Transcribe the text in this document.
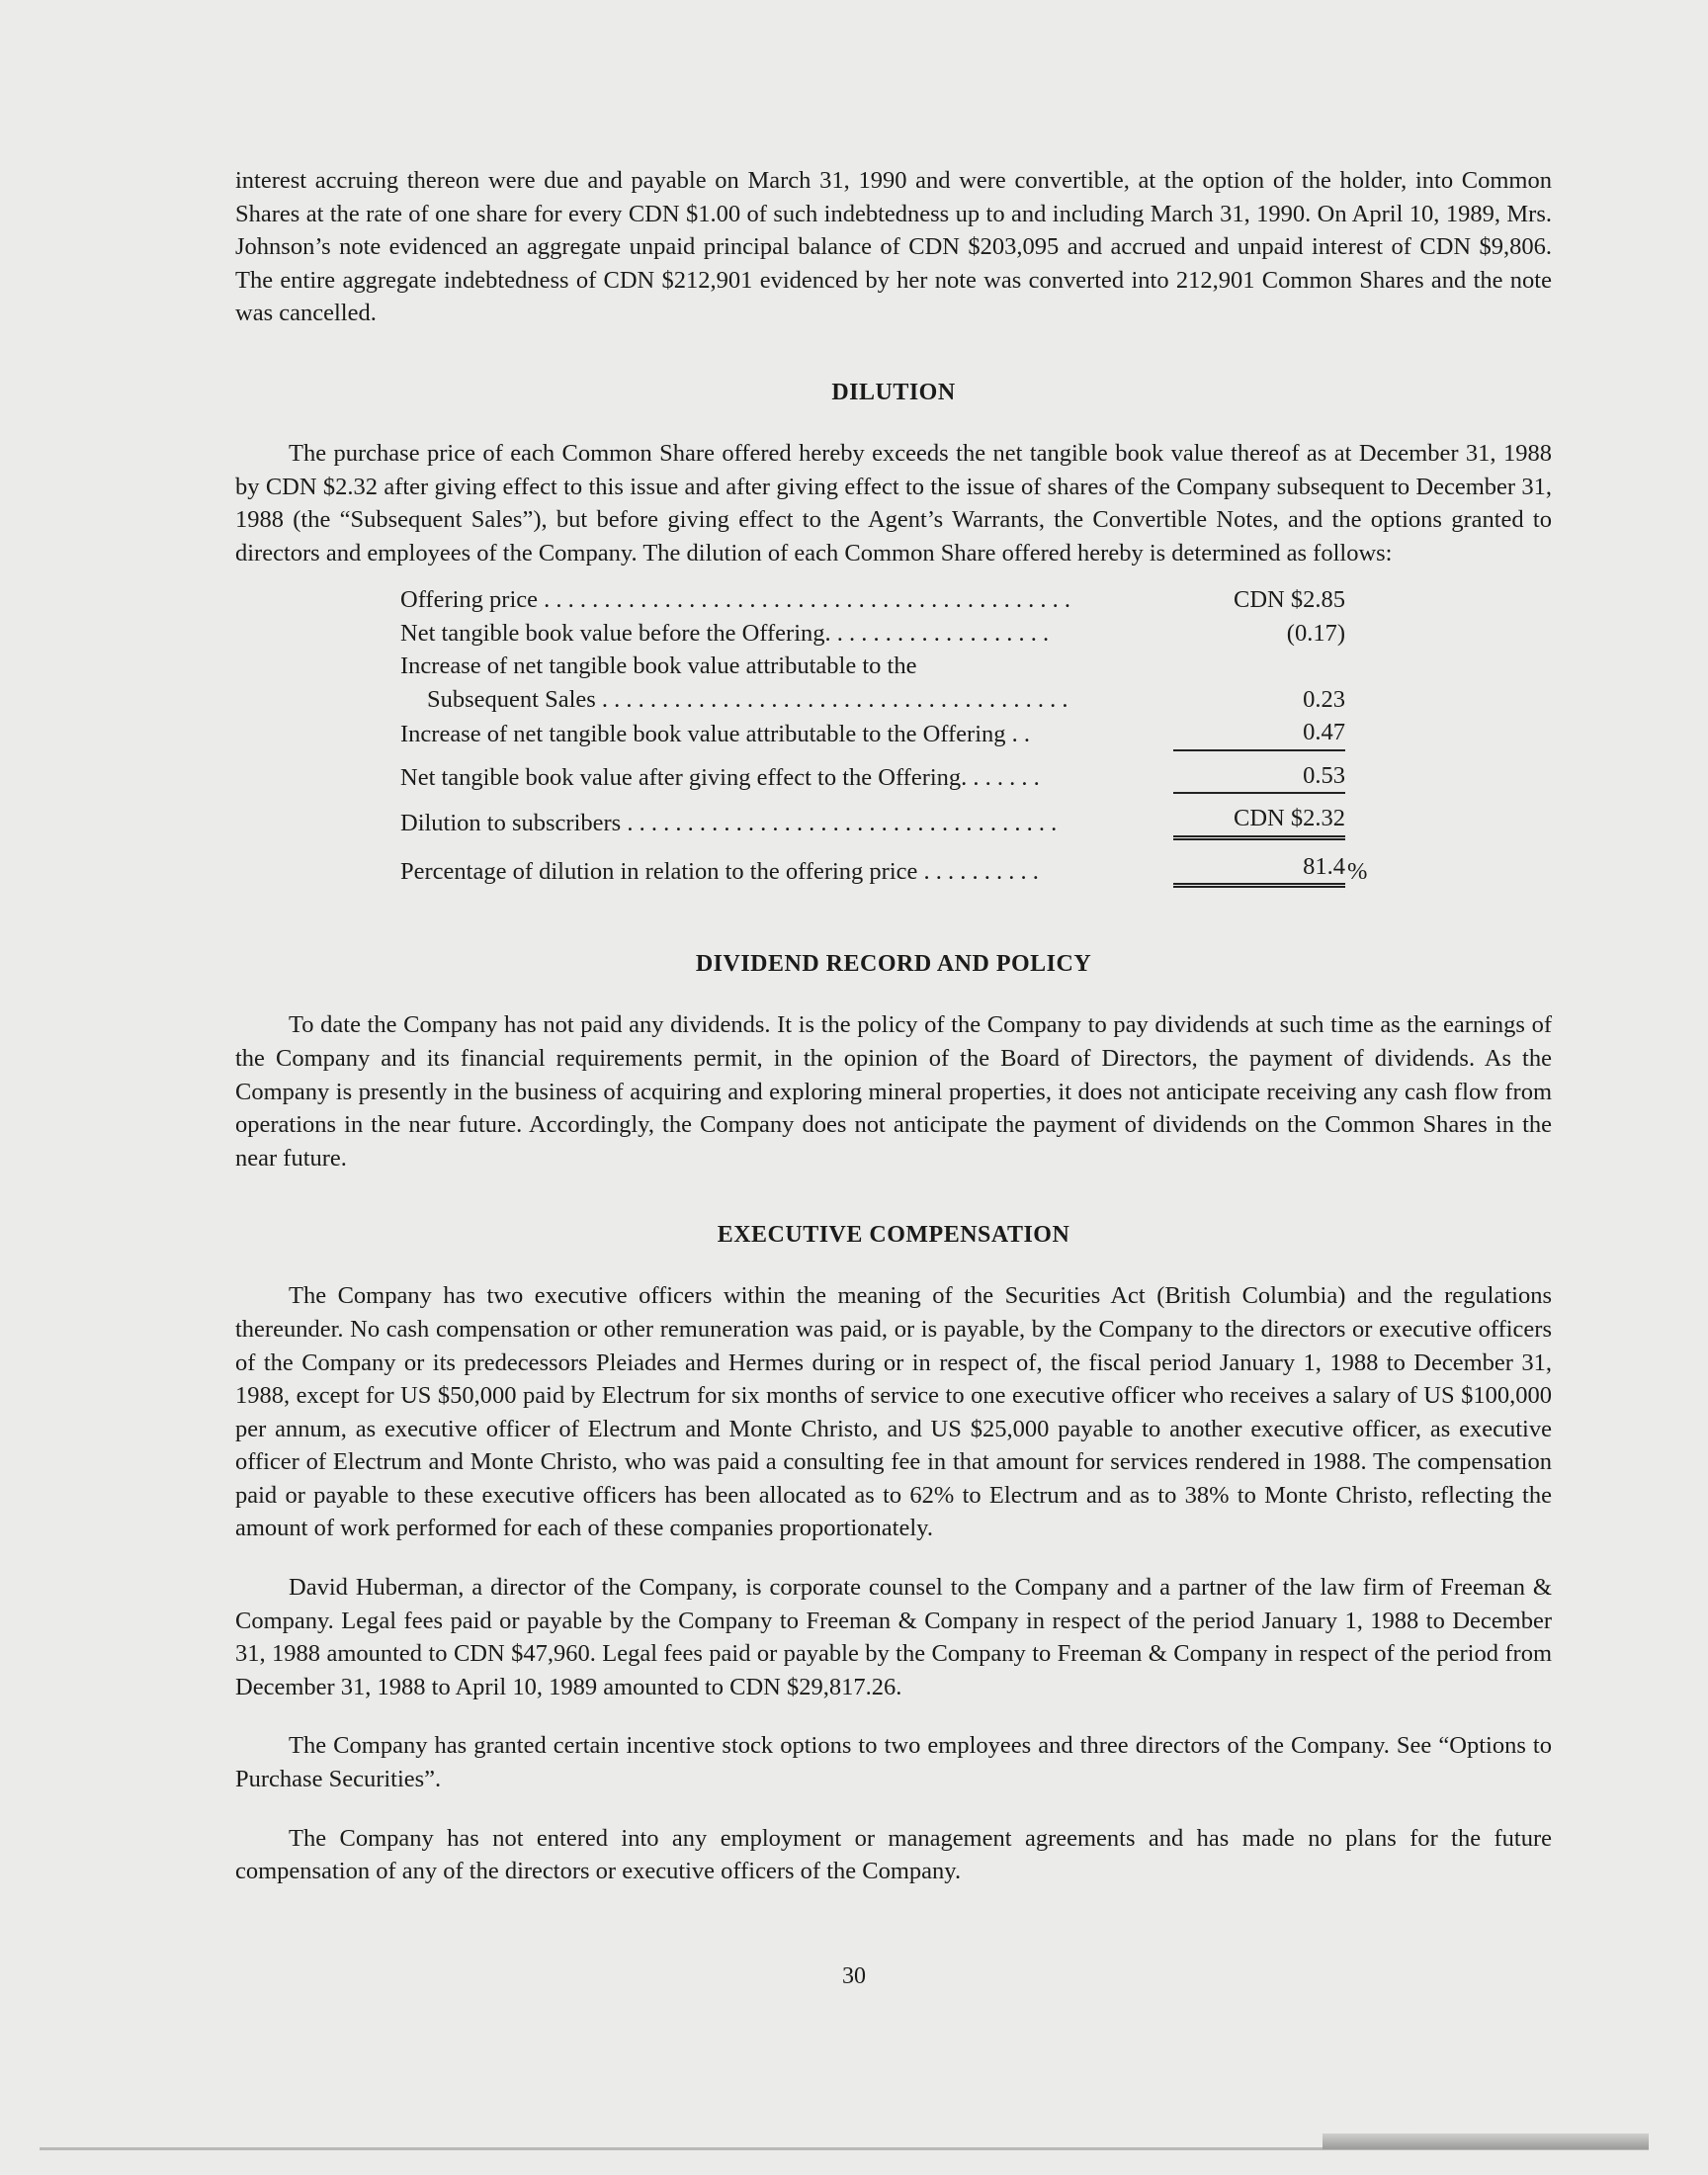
interest accruing thereon were due and payable on March 31, 1990 and were convertible, at the option of the holder, into Common Shares at the rate of one share for every CDN $1.00 of such indebtedness up to and including March 31, 1990. On April 10, 1989, Mrs. Johnson’s note evidenced an aggregate unpaid principal balance of CDN $203,095 and accrued and unpaid interest of CDN $9,806. The entire aggregate indebtedness of CDN $212,901 evidenced by her note was converted into 212,901 Common Shares and the note was cancelled.

DILUTION

The purchase price of each Common Share offered hereby exceeds the net tangible book value thereof as at December 31, 1988 by CDN $2.32 after giving effect to this issue and after giving effect to the issue of shares of the Company subsequent to December 31, 1988 (the “Subsequent Sales”), but before giving effect to the Agent’s Warrants, the Convertible Notes, and the options granted to directors and employees of the Company. The dilution of each Common Share offered hereby is determined as follows:

Offering price . . . . . . . . . . . . . . . . . . . . . . . . . . . . . . . . . . . . . . . . . . . .	CDN $2.85
Net tangible book value before the Offering. . . . . . . . . . . . . . . . . . .	(0.17)
Increase of net tangible book value attributable to the
Subsequent Sales . . . . . . . . . . . . . . . . . . . . . . . . . . . . . . . . . . . . . . .	0.23
Increase of net tangible book value attributable to the Offering . .	0.47
Net tangible book value after giving effect to the Offering. . . . . . .	0.53
Dilution to subscribers . . . . . . . . . . . . . . . . . . . . . . . . . . . . . . . . . . . .	CDN $2.32
Percentage of dilution in relation to the offering price . . . . . . . . . .	81.4 %
DIVIDEND RECORD AND POLICY

To date the Company has not paid any dividends. It is the policy of the Company to pay dividends at such time as the earnings of the Company and its financial requirements permit, in the opinion of the Board of Directors, the payment of dividends. As the Company is presently in the business of acquiring and exploring mineral properties, it does not anticipate receiving any cash flow from operations in the near future. Accordingly, the Company does not anticipate the payment of dividends on the Common Shares in the near future.

EXECUTIVE COMPENSATION

The Company has two executive officers within the meaning of the Securities Act (British Columbia) and the regulations thereunder. No cash compensation or other remuneration was paid, or is payable, by the Company to the directors or executive officers of the Company or its predecessors Pleiades and Hermes during or in respect of, the fiscal period January 1, 1988 to December 31, 1988, except for US $50,000 paid by Electrum for six months of service to one executive officer who receives a salary of US $100,000 per annum, as executive officer of Electrum and Monte Christo, and US $25,000 payable to another executive officer, as executive officer of Electrum and Monte Christo, who was paid a consulting fee in that amount for services rendered in 1988. The compensation paid or payable to these executive officers has been allocated as to 62% to Electrum and as to 38% to Monte Christo, reflecting the amount of work performed for each of these companies proportionately.

David Huberman, a director of the Company, is corporate counsel to the Company and a partner of the law firm of Freeman & Company. Legal fees paid or payable by the Company to Freeman & Company in respect of the period January 1, 1988 to December 31, 1988 amounted to CDN $47,960. Legal fees paid or payable by the Company to Freeman & Company in respect of the period from December 31, 1988 to April 10, 1989 amounted to CDN $29,817.26.

The Company has granted certain incentive stock options to two employees and three directors of the Company. See “Options to Purchase Securities”.

The Company has not entered into any employment or management agreements and has made no plans for the future compensation of any of the directors or executive officers of the Company.

30
